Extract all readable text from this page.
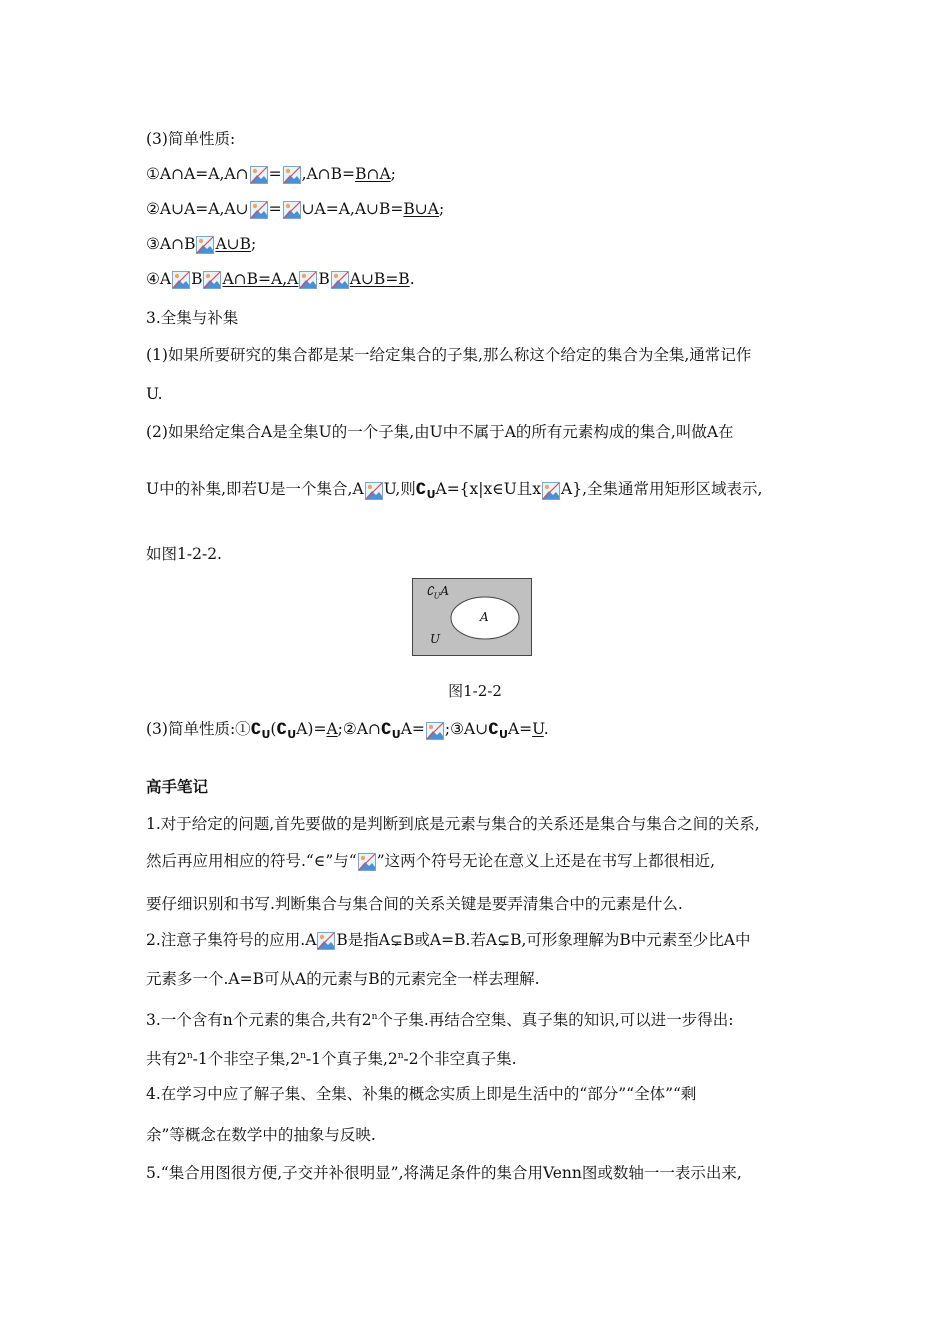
(3)简单性质:
①A∩A=A,A∩ = ,A∩B=B∩A;
②A∪A=A,A∪ = ∪A=A,A∪B=B∪A;
③A∩B A∪B;
④A B A∩B=A,A B A∪B=B.
3.全集与补集
(1)如果所要研究的集合都是某一给定集合的子集,那么称这个给定的集合为全集,通常记作
U.
(2)如果给定集合A是全集U的一个子集,由U中不属于A的所有元素构成的集合,叫做A在
U中的补集,即若U是一个集合,A U,则$∁_UA=\{x|x\in U$且x A},全集通常用矩形区域表示,
如图1-2-2.
$∁_UA$
A
U
图1-2-2
(3)简单性质$:①∁_U(∁_UA)=A;②A\cap∁_UA=$ $;③A\cup∁_UA=U$.
高手笔记
1.对于给定的问题,首先要做的是判断到底是元素与集合的关系还是集合与集合之间的关系,
然后再应用相应的符号.“∈”与“ ”这两个符号无论在意义上还是在书写上都很相近,
要仔细识别和书写.判断集合与集合间的关系关键是要弄清集合中的元素是什么.
2.注意子集符号的应用.A B是指A⊊B或A=B.若A⊊B,可形象理解为B中元素至少比A中
元素多一个.A=B可从A的元素与B的元素完全一样去理解.
3.一个含有n个元素的集合,共有2$^n$个子集.再结合空集、真子集的知识,可以进一步得出:
共有2$^n$-1个非空子集,2$^n$-1个真子集,2$^n$-2个非空真子集.
4.在学习中应了解子集、全集、补集的概念实质上即是生活中的“部分”“全体”“剩
余”等概念在数学中的抽象与反映.
5.“集合用图很方便,子交并补很明显”,将满足条件的集合用Venn图或数轴一一表示出来,
